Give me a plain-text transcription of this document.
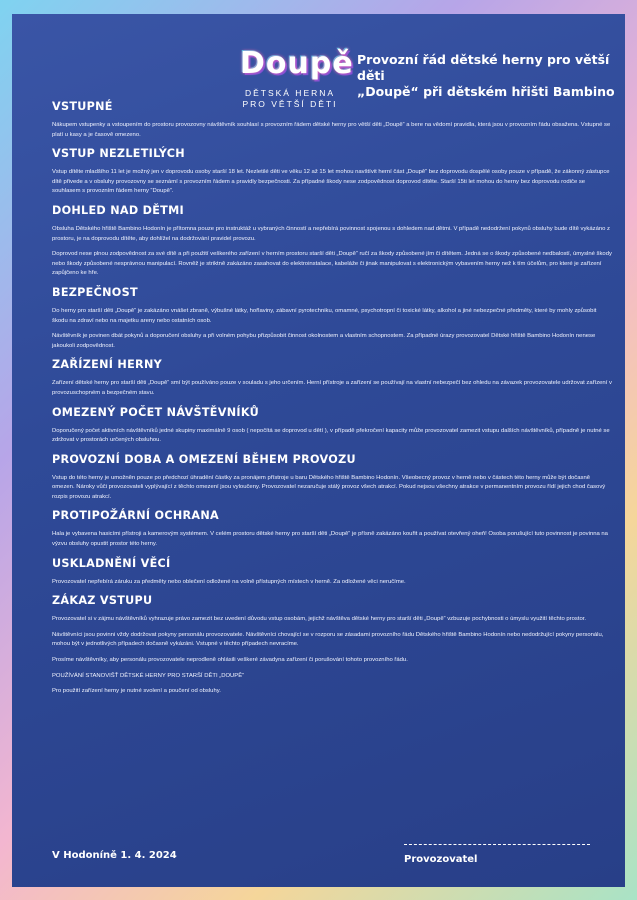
Doupě
DĚTSKÁ HERNA
PRO VĚTŠÍ DĚTI
Provozní řád dětské herny pro větší děti
„Doupě“ při dětském hřišti Bambino
VSTUPNÉ

Nákupem vstupenky a vstoupením do prostoru provozovny návštěvník souhlasí s provozním řádem dětské herny pro větší děti „Doupě“ a bere na vědomí pravidla, která jsou v provozním řádu obsažena. Vstupné se platí u kasy a je časově omezeno.

VSTUP NEZLETILÝCH

Vstup dítěte mladšího 11 let je možný jen v doprovodu osoby starší 18 let. Nezletilé děti ve věku 12 až 15 let mohou navštívit herní část „Doupě“ bez doprovodu dospělé osoby pouze v případě, že zákonný zástupce dítě přivede a v obsluhy provozovny se seznámí s provozním řádem a pravidly bezpečnosti. Za případné škody nese zodpovědnost doprovod dítěte. Starší 15ti let mohou do herny bez doprovodu rodiče se souhlasem s provozním řádem herny “Doupě”.

DOHLED NAD DĚTMI

Obsluha Dětského hřiště Bambino Hodonín je přítomna pouze pro instruktáž u vybraných činností a nepřebírá povinnost spojenou s dohledem nad dětmi. V případě nedodržení pokynů obsluhy bude dítě vykázáno z prostoru, je na doprovodu dítěte, aby dohlížel na dodržování pravidel provozu.

Doprovod nese plnou zodpovědnost za své dítě a při použití veškerého zařízení v herním prostoru starší děti „Doupě“ ručí za škody způsobené jím či dítětem. Jedná se o škody způsobené nedbalostí, úmyslné škody nebo škody způsobené nesprávnou manipulací. Rovněž je striktně zakázáno zasahovat do elektroinstalace, kabeláže či jinak manipulovat s elektronickým vybavením herny než k tím účelům, pro které je zařízení zapůjčeno ke hře.

BEZPEČNOST

Do herny pro starší děti „Doupě“ je zakázáno vnášet zbraně, výbušné látky, hořlaviny, zábavní pyrotechniku, omamné, psychotropní či toxické látky, alkohol a jiné nebezpečné předměty, které by mohly způsobit škodu na zdraví nebo na majetku areny nebo ostatních osob.

Návštěvník je povinen dbát pokynů a doporučení obsluhy a při volném pohybu přizpůsobit činnost okolnostem a vlastním schopnostem. Za případné úrazy provozovatel Dětské hřiště Bambino Hodonín nenese jakoukoli zodpovědnost.

ZAŘÍZENÍ HERNY

Zařízení dětské herny pro starší děti „Doupě“ smí být používáno pouze v souladu s jeho určením. Herní přístroje a zařízení se používají na vlastní nebezpečí bez ohledu na závazek provozovatele udržovat zařízení v provozuschopném a bezpečném stavu.

OMEZENÝ POČET NÁVŠTĚVNÍKŮ

Doporučený počet aktivních návštěvníků jedné skupiny maximálně 9 osob ( nepočítá se doprovod u dětí ), v případě překročení kapacity může provozovatel zamezit vstupu dalších návštěvníků, případně je nutné se zdržovat v prostorách určených obsluhou.

PROVOZNÍ DOBA A OMEZENÍ BĚHEM PROVOZU

Vstup do této herny je umožněn pouze po předchozí úhradění částky za pronájem přístroje u baru Dětského hřiště Bambino Hodonín. Všeobecný provoz v herně nebo v částech této herny může být dočasně omezen. Nároky vůči provozovateli vyplývající z těchto omezení jsou vyloučeny. Provozovatel nezaručuje stálý provoz všech atrakcí. Pokud nejsou všechny atrakce v permanentním provozu řídí jejich chod časový rozpis provozu atrakcí.

PROTIPOŽÁRNÍ OCHRANA

Hala je vybavena hasicími přístroji a kamerovým systémem. V celém prostoru dětské herny pro starší děti „Doupě“ je přísně zakázáno kouřit a používat otevřený oheň! Osoba porušující tuto povinnost je povinna na výzvu obsluhy opustit prostor této herny.

USKLADNĚNÍ VĚCÍ

Provozovatel nepřebírá záruku za předměty nebo oblečení odložené na volně přístupných místech v herně. Za odložené věci neručíme.

ZÁKAZ VSTUPU

Provozovatel si v zájmu návštěvníků vyhrazuje právo zamezit bez uvedení důvodu vstup osobám, jejichž návštěva dětské herny pro starší děti „Doupě“ vzbuzuje pochybnosti o úmyslu využití těchto prostor.

Návštěvníci jsou povinni vždy dodržovat pokyny personálu provozovatele. Návštěvníci chovající se v rozporu se zásadami provozního řádu Dětského hřiště Bambino Hodonín nebo nedodržující pokyny personálu, mohou být v jednotlivých případech dočasně vykázáni. Vstupné v těchto případech nevracíme.

Prosíme návštěvníky, aby personálu provozovatele neprodleně ohlásili veškeré závadyna zařízení či porušování tohoto provozního řádu.

POUŽÍVÁNÍ STANOVIŠŤ DĚTSKÉ HERNY PRO STARŠÍ DĚTI „DOUPĚ“

Pro použití zařízení herny je nutné svolení a poučení od obsluhy.

V Hodoníně 1. 4. 2024	Provozovatel
